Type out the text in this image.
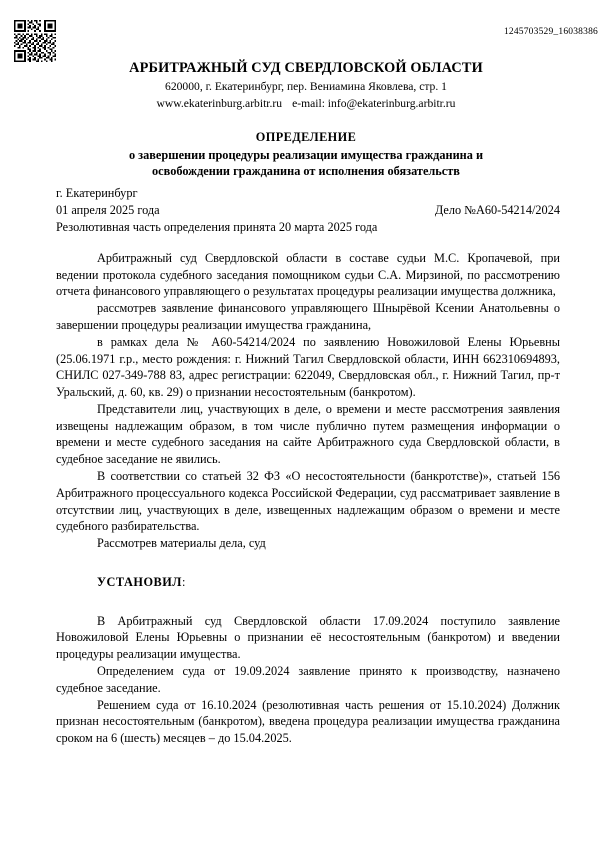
1245703529_16038386
АРБИТРАЖНЫЙ СУД СВЕРДЛОВСКОЙ ОБЛАСТИ
620000, г. Екатеринбург, пер. Вениамина Яковлева, стр. 1
www.ekaterinburg.arbitr.ru e-mail: info@ekaterinburg.arbitr.ru
ОПРЕДЕЛЕНИЕ
о завершении процедуры реализации имущества гражданина и освобождении гражданина от исполнения обязательств
г. Екатеринбург
01 апреля 2025 года	Дело №А60-54214/2024
Резолютивная часть определения принята 20 марта 2025 года

Арбитражный суд Свердловской области в составе судьи М.С. Кропачевой, при ведении протокола судебного заседания помощником судьи С.А. Мирзиной, по рассмотрению отчета финансового управляющего о результатах процедуры реализации имущества должника,

рассмотрев заявление финансового управляющего Шнырёвой Ксении Анатольевны о завершении процедуры реализации имущества гражданина,

в рамках дела № А60-54214/2024 по заявлению Новожиловой Елены Юрьевны (25.06.1971 г.р., место рождения: г. Нижний Тагил Свердловской области, ИНН 662310694893, СНИЛС 027-349-788 83, адрес регистрации: 622049, Свердловская обл., г. Нижний Тагил, пр-т Уральский, д. 60, кв. 29) о признании несостоятельным (банкротом).

Представители лиц, участвующих в деле, о времени и месте рассмотрения заявления извещены надлежащим образом, в том числе публично путем размещения информации о времени и месте судебного заседания на сайте Арбитражного суда Свердловской области, в судебное заседание не явились.

В соответствии со статьей 32 ФЗ «О несостоятельности (банкротстве)», статьей 156 Арбитражного процессуального кодекса Российской Федерации, суд рассматривает заявление в отсутствии лиц, участвующих в деле, извещенных надлежащим образом о времени и месте судебного разбирательства.

Рассмотрев материалы дела, суд

УСТАНОВИЛ:

В Арбитражный суд Свердловской области 17.09.2024 поступило заявление Новожиловой Елены Юрьевны о признании её несостоятельным (банкротом) и введении процедуры реализации имущества.

Определением суда от 19.09.2024 заявление принято к производству, назначено судебное заседание.

Решением суда от 16.10.2024 (резолютивная часть решения от 15.10.2024) Должник признан несостоятельным (банкротом), введена процедура реализации имущества гражданина сроком на 6 (шесть) месяцев – до 15.04.2025.
